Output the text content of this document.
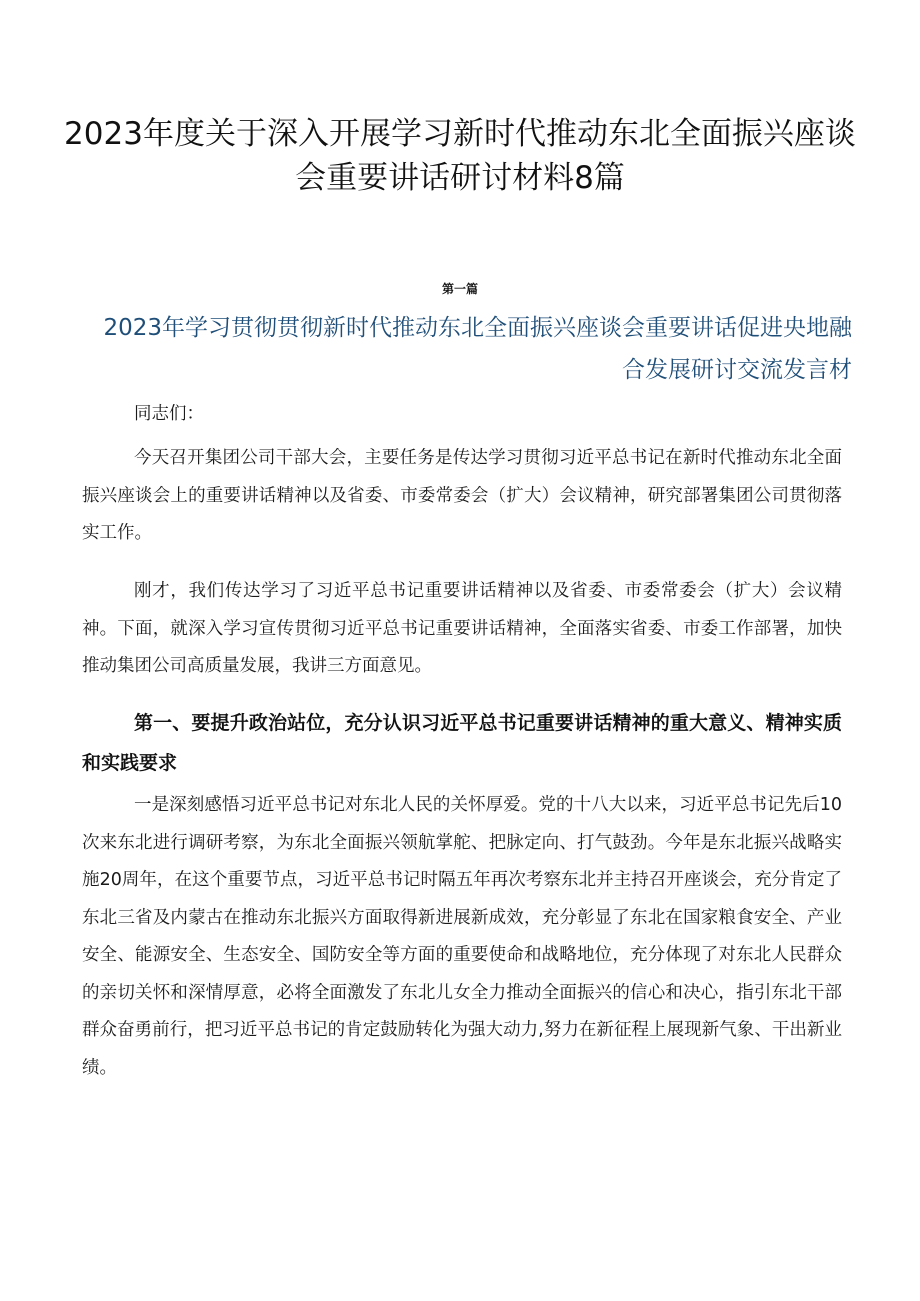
2023年度关于深入开展学习新时代推动东北全面振兴座谈会重要讲话研讨材料8篇
第一篇
2023年学习贯彻贯彻新时代推动东北全面振兴座谈会重要讲话促进央地融合发展研讨交流发言材

同志们：

今天召开集团公司干部大会，主要任务是传达学习贯彻习近平总书记在新时代推动东北全面振兴座谈会上的重要讲话精神以及省委、市委常委会（扩大）会议精神，研究部署集团公司贯彻落实工作。

刚才，我们传达学习了习近平总书记重要讲话精神以及省委、市委常委会（扩大）会议精神。下面，就深入学习宣传贯彻习近平总书记重要讲话精神，全面落实省委、市委工作部署，加快推动集团公司高质量发展，我讲三方面意见。

第一、要提升政治站位，充分认识习近平总书记重要讲话精神的重大意义、精神实质和实践要求

一是深刻感悟习近平总书记对东北人民的关怀厚爱。党的十八大以来，习近平总书记先后10次来东北进行调研考察，为东北全面振兴领航掌舵、把脉定向、打气鼓劲。今年是东北振兴战略实施20周年，在这个重要节点，习近平总书记时隔五年再次考察东北并主持召开座谈会，充分肯定了东北三省及内蒙古在推动东北振兴方面取得新进展新成效，充分彰显了东北在国家粮食安全、产业安全、能源安全、生态安全、国防安全等方面的重要使命和战略地位，充分体现了对东北人民群众的亲切关怀和深情厚意，必将全面激发了东北儿女全力推动全面振兴的信心和决心，指引东北干部群众奋勇前行，把习近平总书记的肯定鼓励转化为强大动力,努力在新征程上展现新气象、干出新业绩。
